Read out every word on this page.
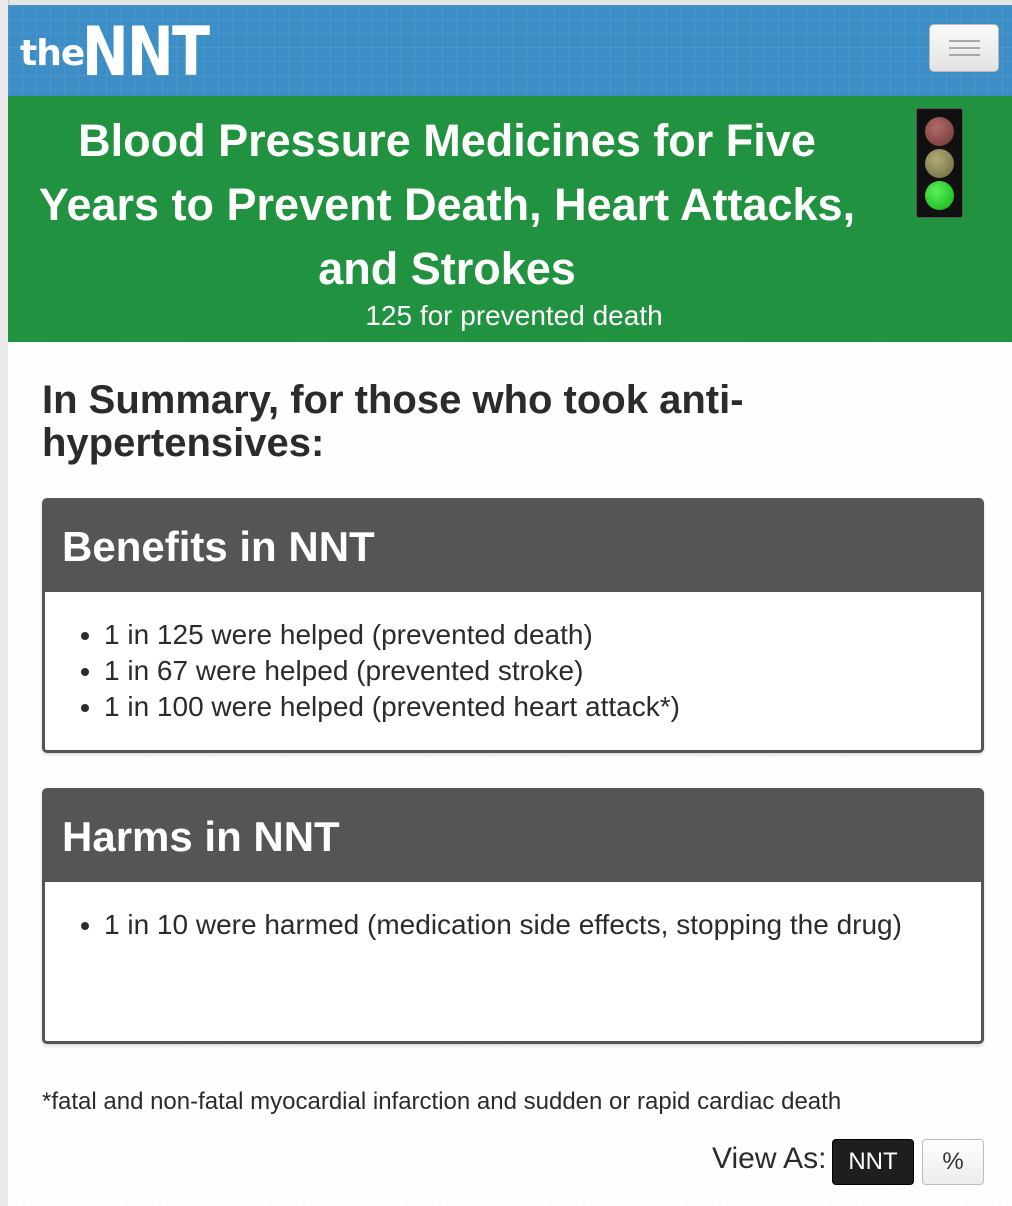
the
NNT
Blood Pressure Medicines for Five Years to Prevent Death, Heart Attacks, and Strokes
125 for prevented death
In Summary, for those who took anti-hypertensives:
Benefits in NNT
• 1 in 125 were helped (prevented death)
• 1 in 67 were helped (prevented stroke)
• 1 in 100 were helped (prevented heart attack*)
Harms in NNT
• 1 in 10 were harmed (medication side effects, stopping the drug)
*fatal and non-fatal myocardial infarction and sudden or rapid cardiac death
View As: NNT	%
